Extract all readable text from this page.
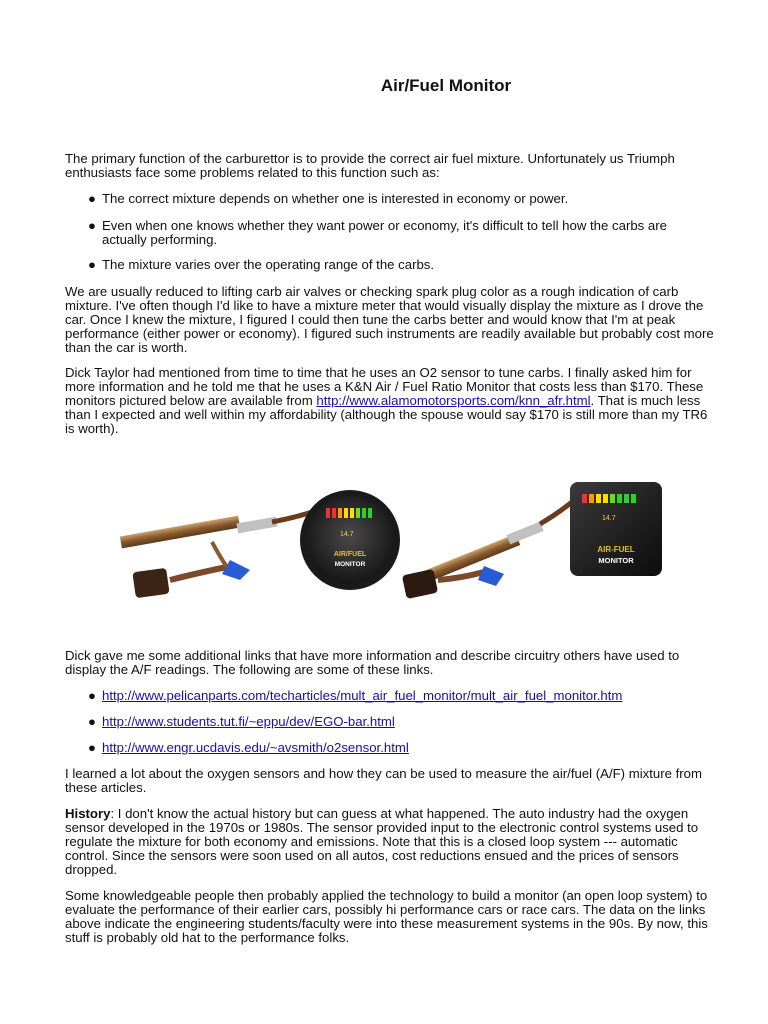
Air/Fuel Monitor

The primary function of the carburettor is to provide the correct air fuel mixture. Unfortunately us Triumph enthusiasts face some problems related to this function such as:

● The correct mixture depends on whether one is interested in economy or power.
● Even when one knows whether they want power or economy, it's difficult to tell how the carbs are actually performing.
● The mixture varies over the operating range of the carbs.

We are usually reduced to lifting carb air valves or checking spark plug color as a rough indication of carb mixture. I've often though I'd like to have a mixture meter that would visually display the mixture as I drove the car. Once I knew the mixture, I figured I could then tune the carbs better and would know that I'm at peak performance (either power or economy). I figured such instruments are readily available but probably cost more than the car is worth.

Dick Taylor had mentioned from time to time that he uses an O2 sensor to tune carbs. I finally asked him for more information and he told me that he uses a K&N Air / Fuel Ratio Monitor that costs less than $170. These monitors pictured below are available from http://www.alamomotorsports.com/knn_afr.html. That is much less than I expected and well within my affordability (although the spouse would say $170 is still more than my TR6 is worth).

14.7
AIR/FUEL
MONITOR
14.7
AIR-FUEL
MONITOR

Dick gave me some additional links that have more information and describe circuitry others have used to display the A/F readings. The following are some of these links.

● http://www.pelicanparts.com/techarticles/mult_air_fuel_monitor/mult_air_fuel_monitor.htm
● http://www.students.tut.fi/~eppu/dev/EGO-bar.html
● http://www.engr.ucdavis.edu/~avsmith/o2sensor.html

I learned a lot about the oxygen sensors and how they can be used to measure the air/fuel (A/F) mixture from these articles.

History: I don't know the actual history but can guess at what happened. The auto industry had the oxygen sensor developed in the 1970s or 1980s. The sensor provided input to the electronic control systems used to regulate the mixture for both economy and emissions. Note that this is a closed loop system --- automatic control. Since the sensors were soon used on all autos, cost reductions ensued and the prices of sensors dropped.

Some knowledgeable people then probably applied the technology to build a monitor (an open loop system) to evaluate the performance of their earlier cars, possibly hi performance cars or race cars. The data on the links above indicate the engineering students/faculty were into these measurement systems in the 90s. By now, this stuff is probably old hat to the performance folks.
